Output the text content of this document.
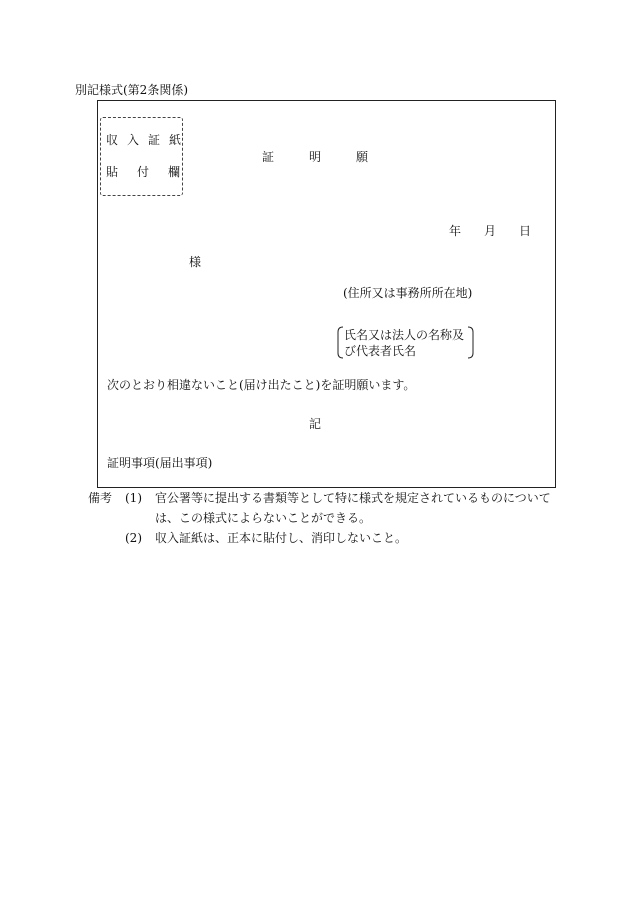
別記様式(第2条関係)
収入証紙
貼付欄
証明願
年 月 日
様
(住所又は事務所所在地)
氏名又は法人の名称及
び代表者氏名
次のとおり相違ないこと(届け出たこと)を証明願います。
記
証明事項(届出事項)
備考 (1) 官公署等に提出する書類等として特に様式を規定されているものについて
は、この様式によらないことができる。
(2) 収入証紙は、正本に貼付し、消印しないこと。
